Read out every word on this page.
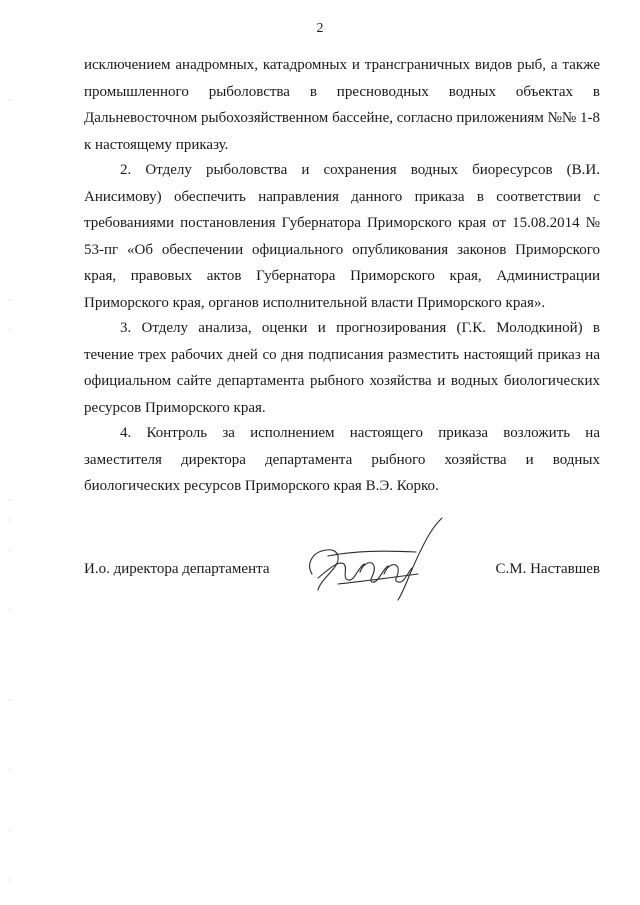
2
исключением анадромных, катадромных и трансграничных видов рыб, а также промышленного рыболовства в пресноводных водных объектах в Дальневосточном рыбохозяйственном бассейне, согласно приложениям №№ 1-8 к настоящему приказу.
2. Отделу рыболовства и сохранения водных биоресурсов (В.И. Анисимову) обеспечить направления данного приказа в соответствии с требованиями постановления Губернатора Приморского края от 15.08.2014 № 53-пг «Об обеспечении официального опубликования законов Приморского края, правовых актов Губернатора Приморского края, Администрации Приморского края, органов исполнительной власти Приморского края».
3. Отделу анализа, оценки и прогнозирования (Г.К. Молодкиной) в течение трех рабочих дней со дня подписания разместить настоящий приказ на официальном сайте департамента рыбного хозяйства и водных биологических ресурсов Приморского края.
4. Контроль за исполнением настоящего приказа возложить на заместителя директора департамента рыбного хозяйства и водных биологических ресурсов Приморского края В.Э. Корко.
И.о. директора департамента	С.М. Наставшев
